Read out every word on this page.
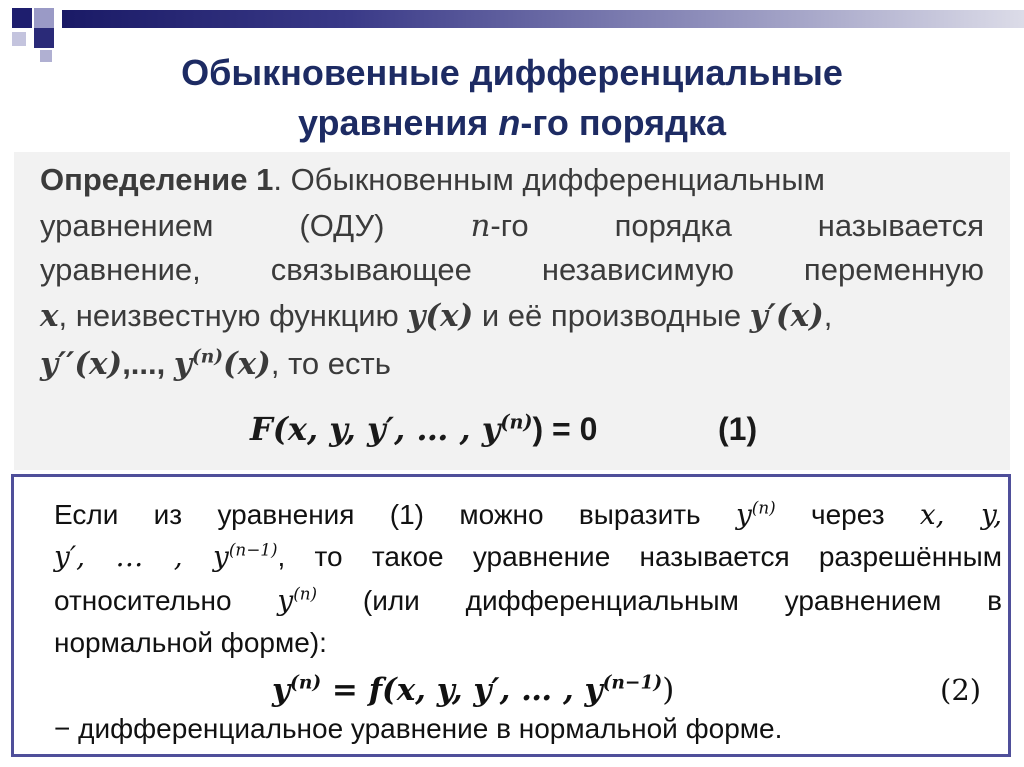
Обыкновенные дифференциальные
уравнения n-го порядка
Определение 1. Обыкновенным дифференциальным
уравнением	(ОДУ)	n-го	порядка	называется
уравнение, связывающее независимую переменную
x, неизвестную функцию y(x) и её производные y′(x),
y′′(x),..., $y^{(n)}(x)$, то есть
F(x, y, y′, … , $y^{(n)}) = 0$	(1)
Если из уравнения (1) можно выразить $y^{(n)}$ через x, y,
y′, … , $y^{(n-1)}$, то такое уравнение называется разрешённым
относительно $y^{(n)}$ (или дифференциальным уравнением в
нормальной форме):
$y^{(n)} = f(x$, y, y′, … , $y^{(n-1)}$)	(2)
− дифференциальное уравнение в нормальной форме.
